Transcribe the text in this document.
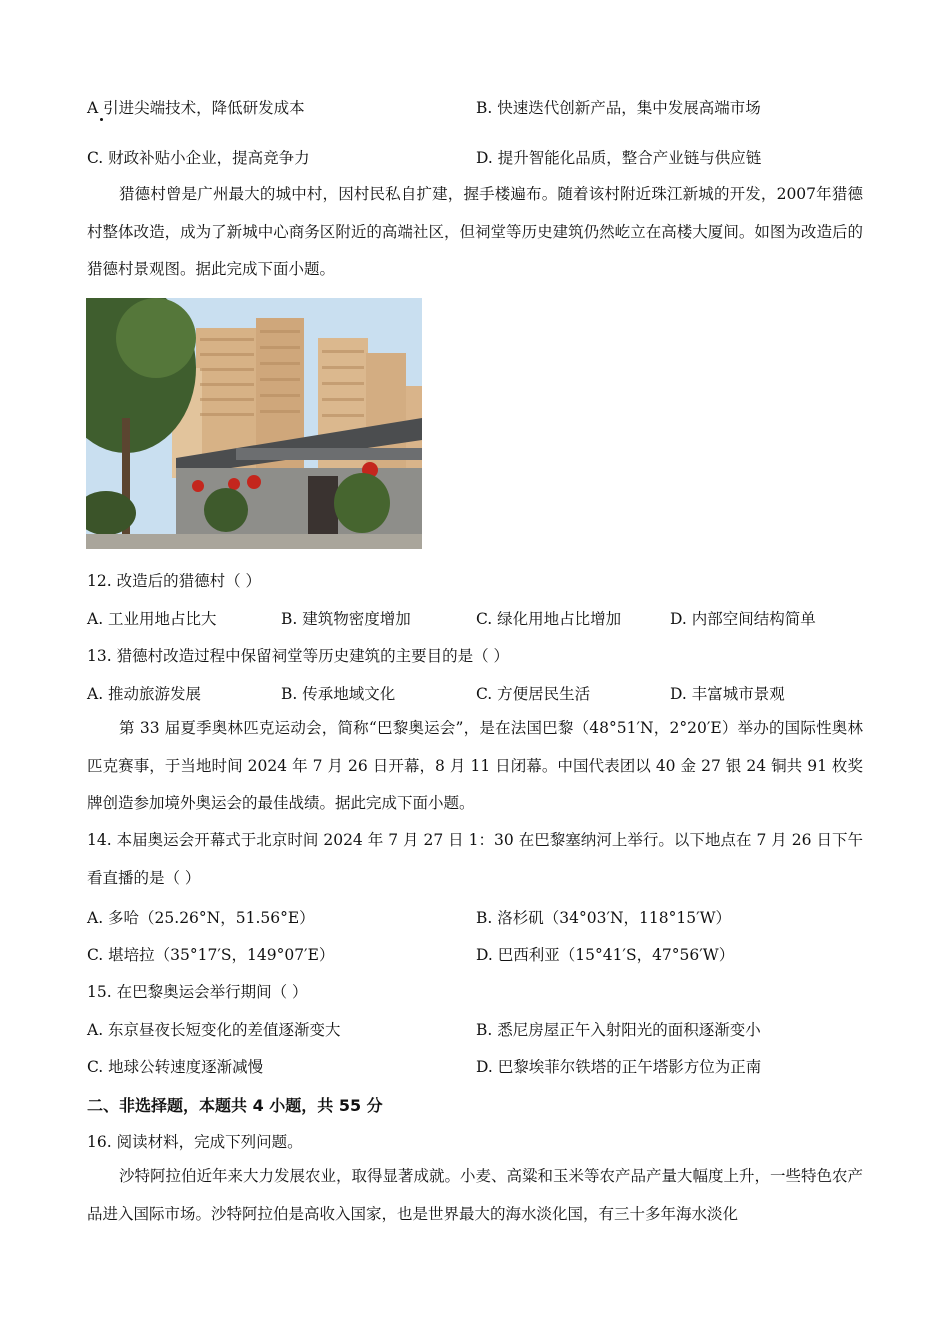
A 引进尖端技术，降低研发成本	B. 快速迭代创新产品，集中发展高端市场
C. 财政补贴小企业，提高竞争力	D. 提升智能化品质，整合产业链与供应链
猎德村曾是广州最大的城中村，因村民私自扩建，握手楼遍布。随着该村附近珠江新城的开发，2007年猎德村整体改造，成为了新城中心商务区附近的高端社区，但祠堂等历史建筑仍然屹立在高楼大厦间。如图为改造后的猎德村景观图。据此完成下面小题。
12. 改造后的猎德村（ ）
A. 工业用地占比大	B. 建筑物密度增加	C. 绿化用地占比增加	D. 内部空间结构简单
13. 猎德村改造过程中保留祠堂等历史建筑的主要目的是（ ）
A. 推动旅游发展	B. 传承地域文化	C. 方便居民生活	D. 丰富城市景观
第 33 届夏季奥林匹克运动会，简称“巴黎奥运会”，是在法国巴黎（48°51′N，2°20′E）举办的国际性奥林匹克赛事，于当地时间 2024 年 7 月 26 日开幕，8 月 11 日闭幕。中国代表团以 40 金 27 银 24 铜共 91 枚奖牌创造参加境外奥运会的最佳战绩。据此完成下面小题。
14. 本届奥运会开幕式于北京时间 2024 年 7 月 27 日 1：30 在巴黎塞纳河上举行。以下地点在 7 月 26 日下午看直播的是（ ）
A. 多哈（25.26°N，51.56°E）	B. 洛杉矶（34°03′N，118°15′W）
C. 堪培拉（35°17′S，149°07′E）	D. 巴西利亚（15°41′S，47°56′W）
15. 在巴黎奥运会举行期间（ ）
A. 东京昼夜长短变化的差值逐渐变大	B. 悉尼房屋正午入射阳光的面积逐渐变小
C. 地球公转速度逐渐减慢	D. 巴黎埃菲尔铁塔的正午塔影方位为正南
二、非选择题，本题共 4 小题，共 55 分
16. 阅读材料，完成下列问题。
沙特阿拉伯近年来大力发展农业，取得显著成就。小麦、高粱和玉米等农产品产量大幅度上升，一些特色农产品进入国际市场。沙特阿拉伯是高收入国家，也是世界最大的海水淡化国，有三十多年海水淡化
